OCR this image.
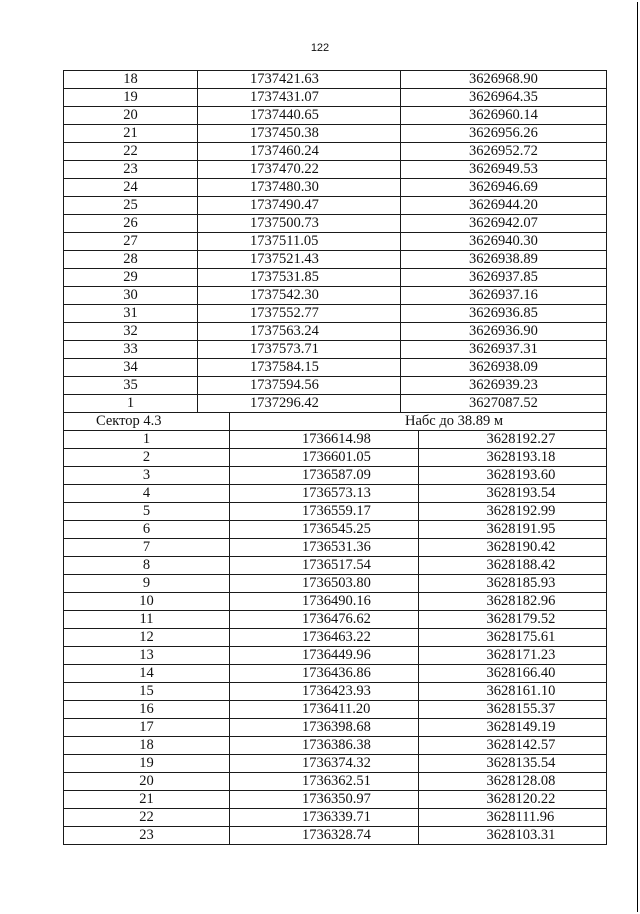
122
18	1737421.63	3626968.90
19	1737431.07	3626964.35
20	1737440.65	3626960.14
21	1737450.38	3626956.26
22	1737460.24	3626952.72
23	1737470.22	3626949.53
24	1737480.30	3626946.69
25	1737490.47	3626944.20
26	1737500.73	3626942.07
27	1737511.05	3626940.30
28	1737521.43	3626938.89
29	1737531.85	3626937.85
30	1737542.30	3626937.16
31	1737552.77	3626936.85
32	1737563.24	3626936.90
33	1737573.71	3626937.31
34	1737584.15	3626938.09
35	1737594.56	3626939.23
1	1737296.42	3627087.52
Сектор 4.3	Набс до 38.89 м	
1	1736614.98	3628192.27
2	1736601.05	3628193.18
3	1736587.09	3628193.60
4	1736573.13	3628193.54
5	1736559.17	3628192.99
6	1736545.25	3628191.95
7	1736531.36	3628190.42
8	1736517.54	3628188.42
9	1736503.80	3628185.93
10	1736490.16	3628182.96
11	1736476.62	3628179.52
12	1736463.22	3628175.61
13	1736449.96	3628171.23
14	1736436.86	3628166.40
15	1736423.93	3628161.10
16	1736411.20	3628155.37
17	1736398.68	3628149.19
18	1736386.38	3628142.57
19	1736374.32	3628135.54
20	1736362.51	3628128.08
21	1736350.97	3628120.22
22	1736339.71	3628111.96
23	1736328.74	3628103.31
